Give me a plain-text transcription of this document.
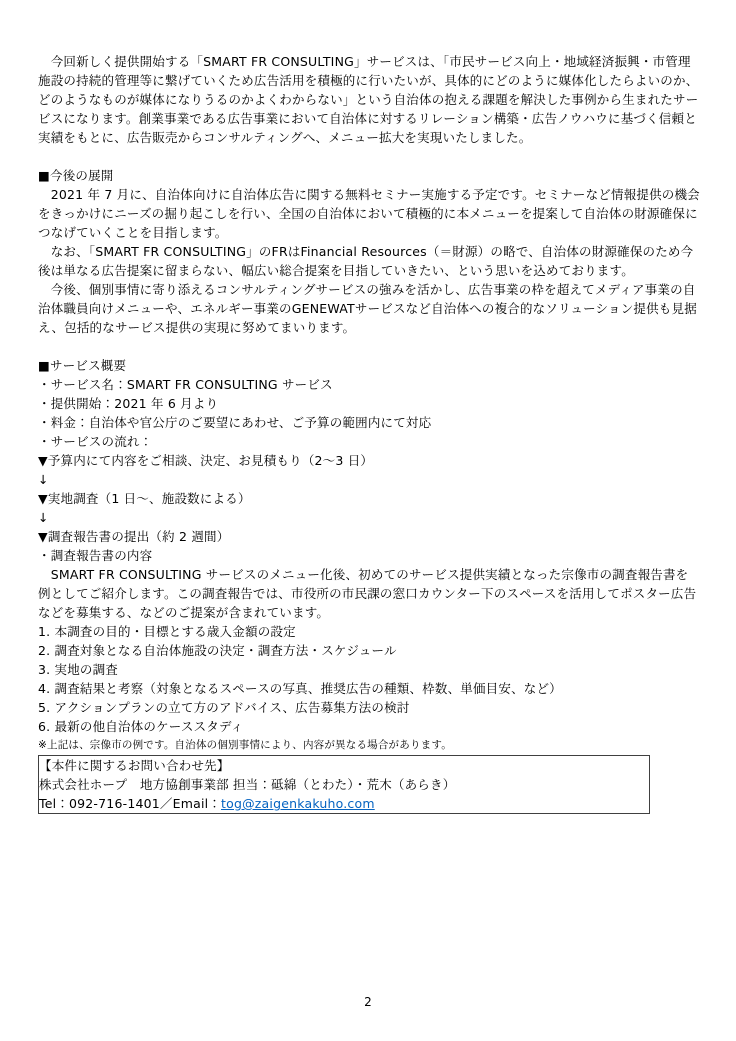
　今回新しく提供開始する「SMART FR CONSULTING」サービスは、「市民サービス向上・地域経済振興・市管理施設の持続的管理等に繋げていくため広告活用を積極的に行いたいが、具体的にどのように媒体化したらよいのか、どのようなものが媒体になりうるのかよくわからない」という自治体の抱える課題を解決した事例から生まれたサービスになります。創業事業である広告事業において自治体に対するリレーション構築・広告ノウハウに基づく信頼と実績をもとに、広告販売からコンサルティングへ、メニュー拡大を実現いたしました。

■今後の展開

　2021 年 7 月に、自治体向けに自治体広告に関する無料セミナー実施する予定です。セミナーなど情報提供の機会をきっかけにニーズの掘り起こしを行い、全国の自治体において積極的に本メニューを提案して自治体の財源確保につなげていくことを目指します。

　なお、「SMART FR CONSULTING」のFRはFinancial Resources（＝財源）の略で、自治体の財源確保のため今後は単なる広告提案に留まらない、幅広い総合提案を目指していきたい、という思いを込めております。

　今後、個別事情に寄り添えるコンサルティングサービスの強みを活かし、広告事業の枠を超えてメディア事業の自治体職員向けメニューや、エネルギー事業のGENEWATサービスなど自治体への複合的なソリューション提供も見据え、包括的なサービス提供の実現に努めてまいります。

■サービス概要
・サービス名：SMART FR CONSULTING サービス
・提供開始：2021 年 6 月より
・料金：自治体や官公庁のご要望にあわせ、ご予算の範囲内にて対応
・サービスの流れ：
▼予算内にて内容をご相談、決定、お見積もり（2～3 日）
↓
▼実地調査（1 日～、施設数による）
↓
▼調査報告書の提出（約 2 週間）
・調査報告書の内容

　SMART FR CONSULTING サービスのメニュー化後、初めてのサービス提供実績となった宗像市の調査報告書を例としてご紹介します。この調査報告では、市役所の市民課の窓口カウンター下のスペースを活用してポスター広告などを募集する、などのご提案が含まれています。

1. 本調査の目的・目標とする歳入金額の設定
2. 調査対象となる自治体施設の決定・調査方法・スケジュール
3. 実地の調査
4. 調査結果と考察（対象となるスペースの写真、推奨広告の種類、枠数、単価目安、など）
5. アクションプランの立て方のアドバイス、広告募集方法の検討
6. 最新の他自治体のケーススタディ
※上記は、宗像市の例です。自治体の個別事情により、内容が異なる場合があります。
【本件に関するお問い合わせ先】
株式会社ホープ　地方協創事業部 担当：砥綿（とわた）・荒木（あらき）
Tel：092-716-1401／Email：tog@zaigenkakuho.com
2
